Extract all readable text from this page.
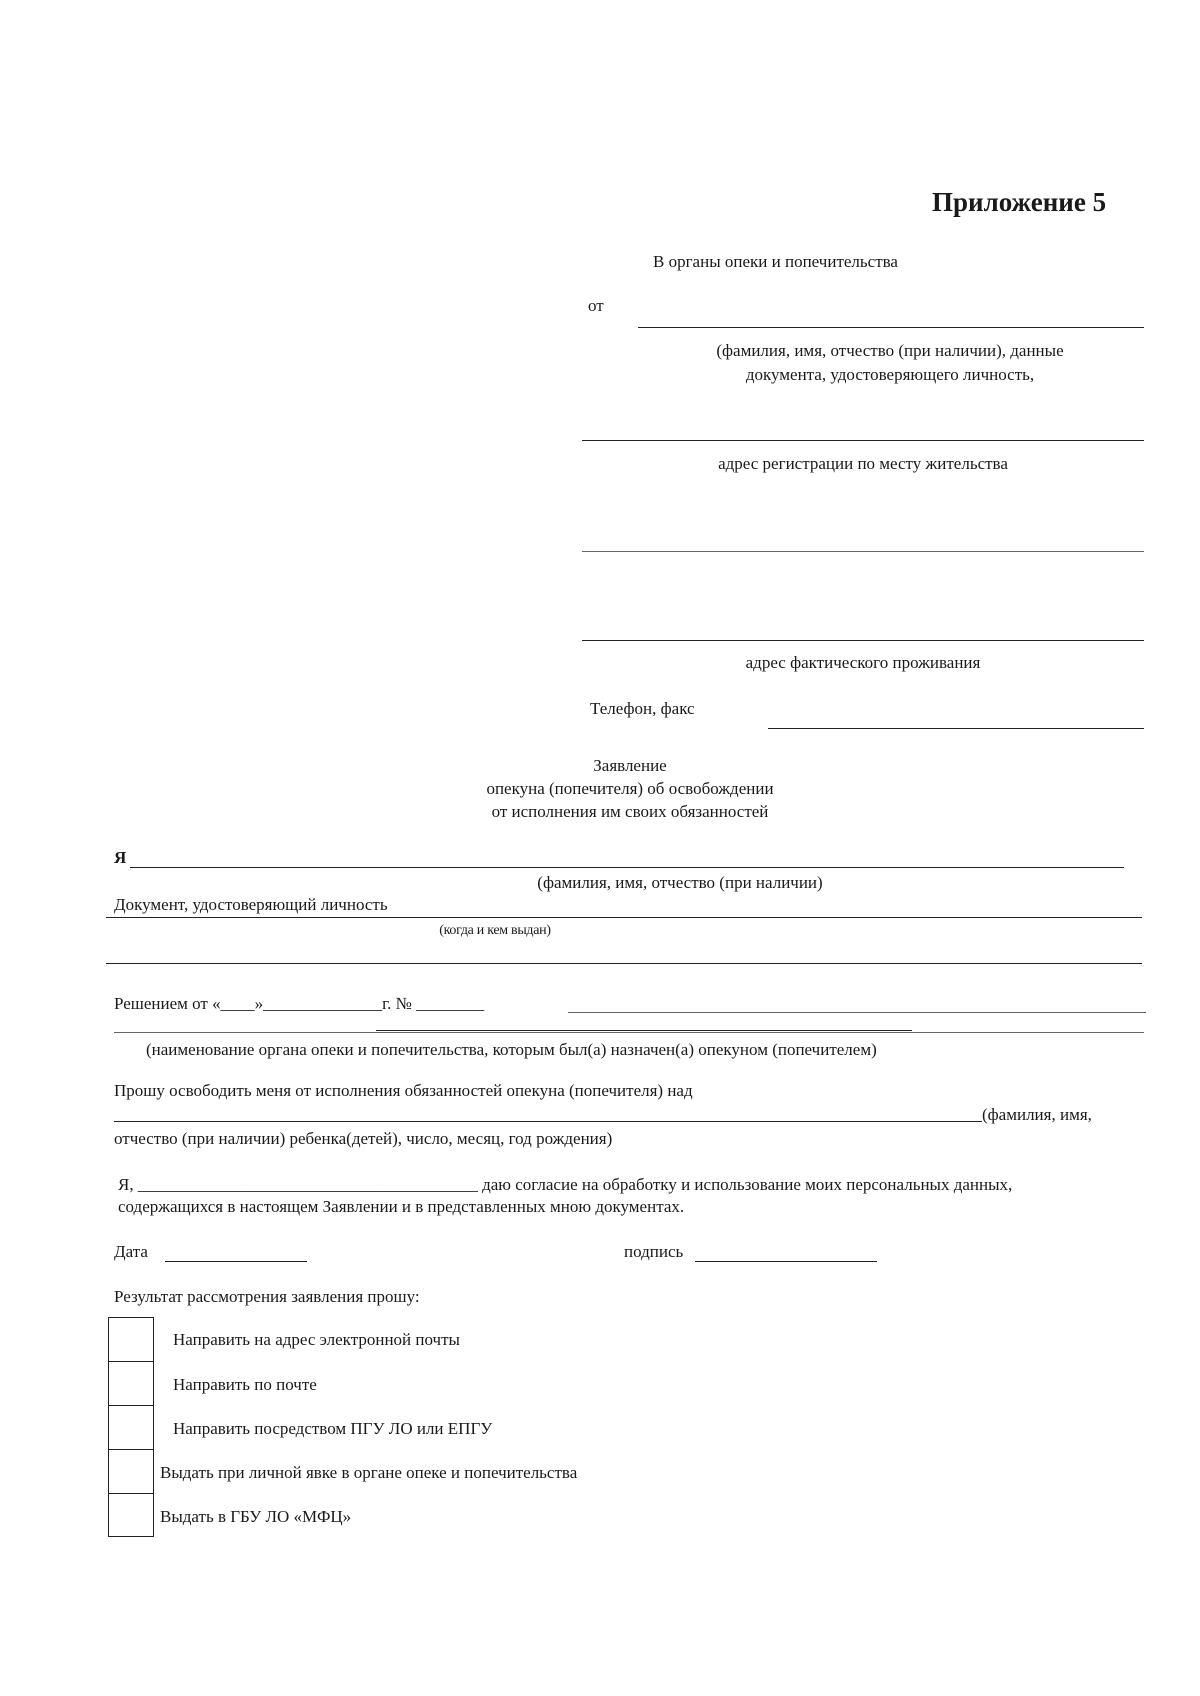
Приложение 5
В органы опеки и попечительства
от
(фамилия, имя, отчество (при наличии), данные
документа, удостоверяющего личность,
адрес регистрации по месту жительства
адрес фактического проживания
Телефон, факс
Заявление
опекуна (попечителя) об освобождении
от исполнения им своих обязанностей
Я
(фамилия, имя, отчество (при наличии)
Документ, удостоверяющий личность
(когда и кем выдан)
Решением от «____»______________г. № ________
(наименование органа опеки и попечительства, которым был(а) назначен(а) опекуном (попечителем)
Прошу освободить меня от исполнения обязанностей опекуна (попечителя) над
(фамилия, имя,
отчество (при наличии) ребенка(детей), число, месяц, год рождения)
Я, ________________________________________ даю согласие на обработку и использование моих персональных данных,
содержащихся в настоящем Заявлении и в представленных мною документах.
Дата	подпись
Результат рассмотрения заявления прошу:
Направить на адрес электронной почты
Направить по почте
Направить посредством ПГУ ЛО или ЕПГУ
Выдать при личной явке в органе опеке и попечительства
Выдать в ГБУ ЛО «МФЦ»
